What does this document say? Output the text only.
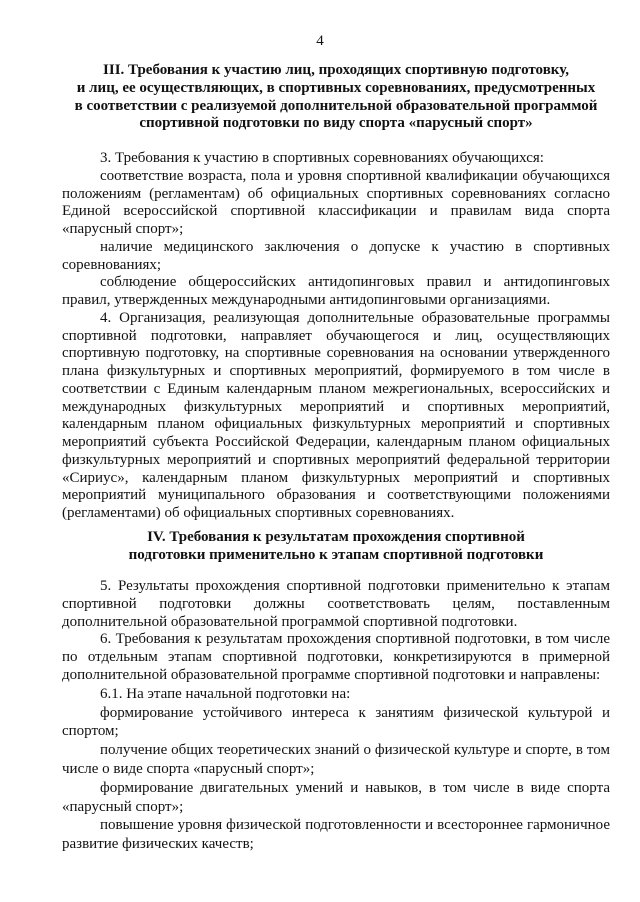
4

III. Требования к участию лиц, проходящих спортивную подготовку,

и лиц, ее осуществляющих, в спортивных соревнованиях, предусмотренных

в соответствии с реализуемой дополнительной образовательной программой

спортивной подготовки по виду спорта «парусный спорт»

3. Требования к участию в спортивных соревнованиях обучающихся:

соответствие возраста, пола и уровня спортивной квалификации обучающихся положениям (регламентам) об официальных спортивных соревнованиях согласно Единой всероссийской спортивной классификации и правилам вида спорта «парусный спорт»;

наличие медицинского заключения о допуске к участию в спортивных соревнованиях;

соблюдение общероссийских антидопинговых правил и антидопинговых правил, утвержденных международными антидопинговыми организациями.

4. Организация, реализующая дополнительные образовательные программы спортивной подготовки, направляет обучающегося и лиц, осуществляющих спортивную подготовку, на спортивные соревнования на основании утвержденного плана физкультурных и спортивных мероприятий, формируемого в том числе в соответствии с Единым календарным планом межрегиональных, всероссийских и международных физкультурных мероприятий и спортивных мероприятий, календарным планом официальных физкультурных мероприятий и спортивных мероприятий субъекта Российской Федерации, календарным планом официальных физкультурных мероприятий и спортивных мероприятий федеральной территории «Сириус», календарным планом физкультурных мероприятий и спортивных мероприятий муниципального образования и соответствующими положениями (регламентами) об официальных спортивных соревнованиях.

IV. Требования к результатам прохождения спортивной

подготовки применительно к этапам спортивной подготовки

5. Результаты прохождения спортивной подготовки применительно к этапам спортивной подготовки должны соответствовать целям, поставленным дополнительной образовательной программой спортивной подготовки.

6. Требования к результатам прохождения спортивной подготовки, в том числе по отдельным этапам спортивной подготовки, конкретизируются в примерной дополнительной образовательной программе спортивной подготовки и направлены:

6.1. На этапе начальной подготовки на:

формирование устойчивого интереса к занятиям физической культурой и спортом;

получение общих теоретических знаний о физической культуре и спорте, в том числе о виде спорта «парусный спорт»;

формирование двигательных умений и навыков, в том числе в виде спорта «парусный спорт»;

повышение уровня физической подготовленности и всестороннее гармоничное развитие физических качеств;
